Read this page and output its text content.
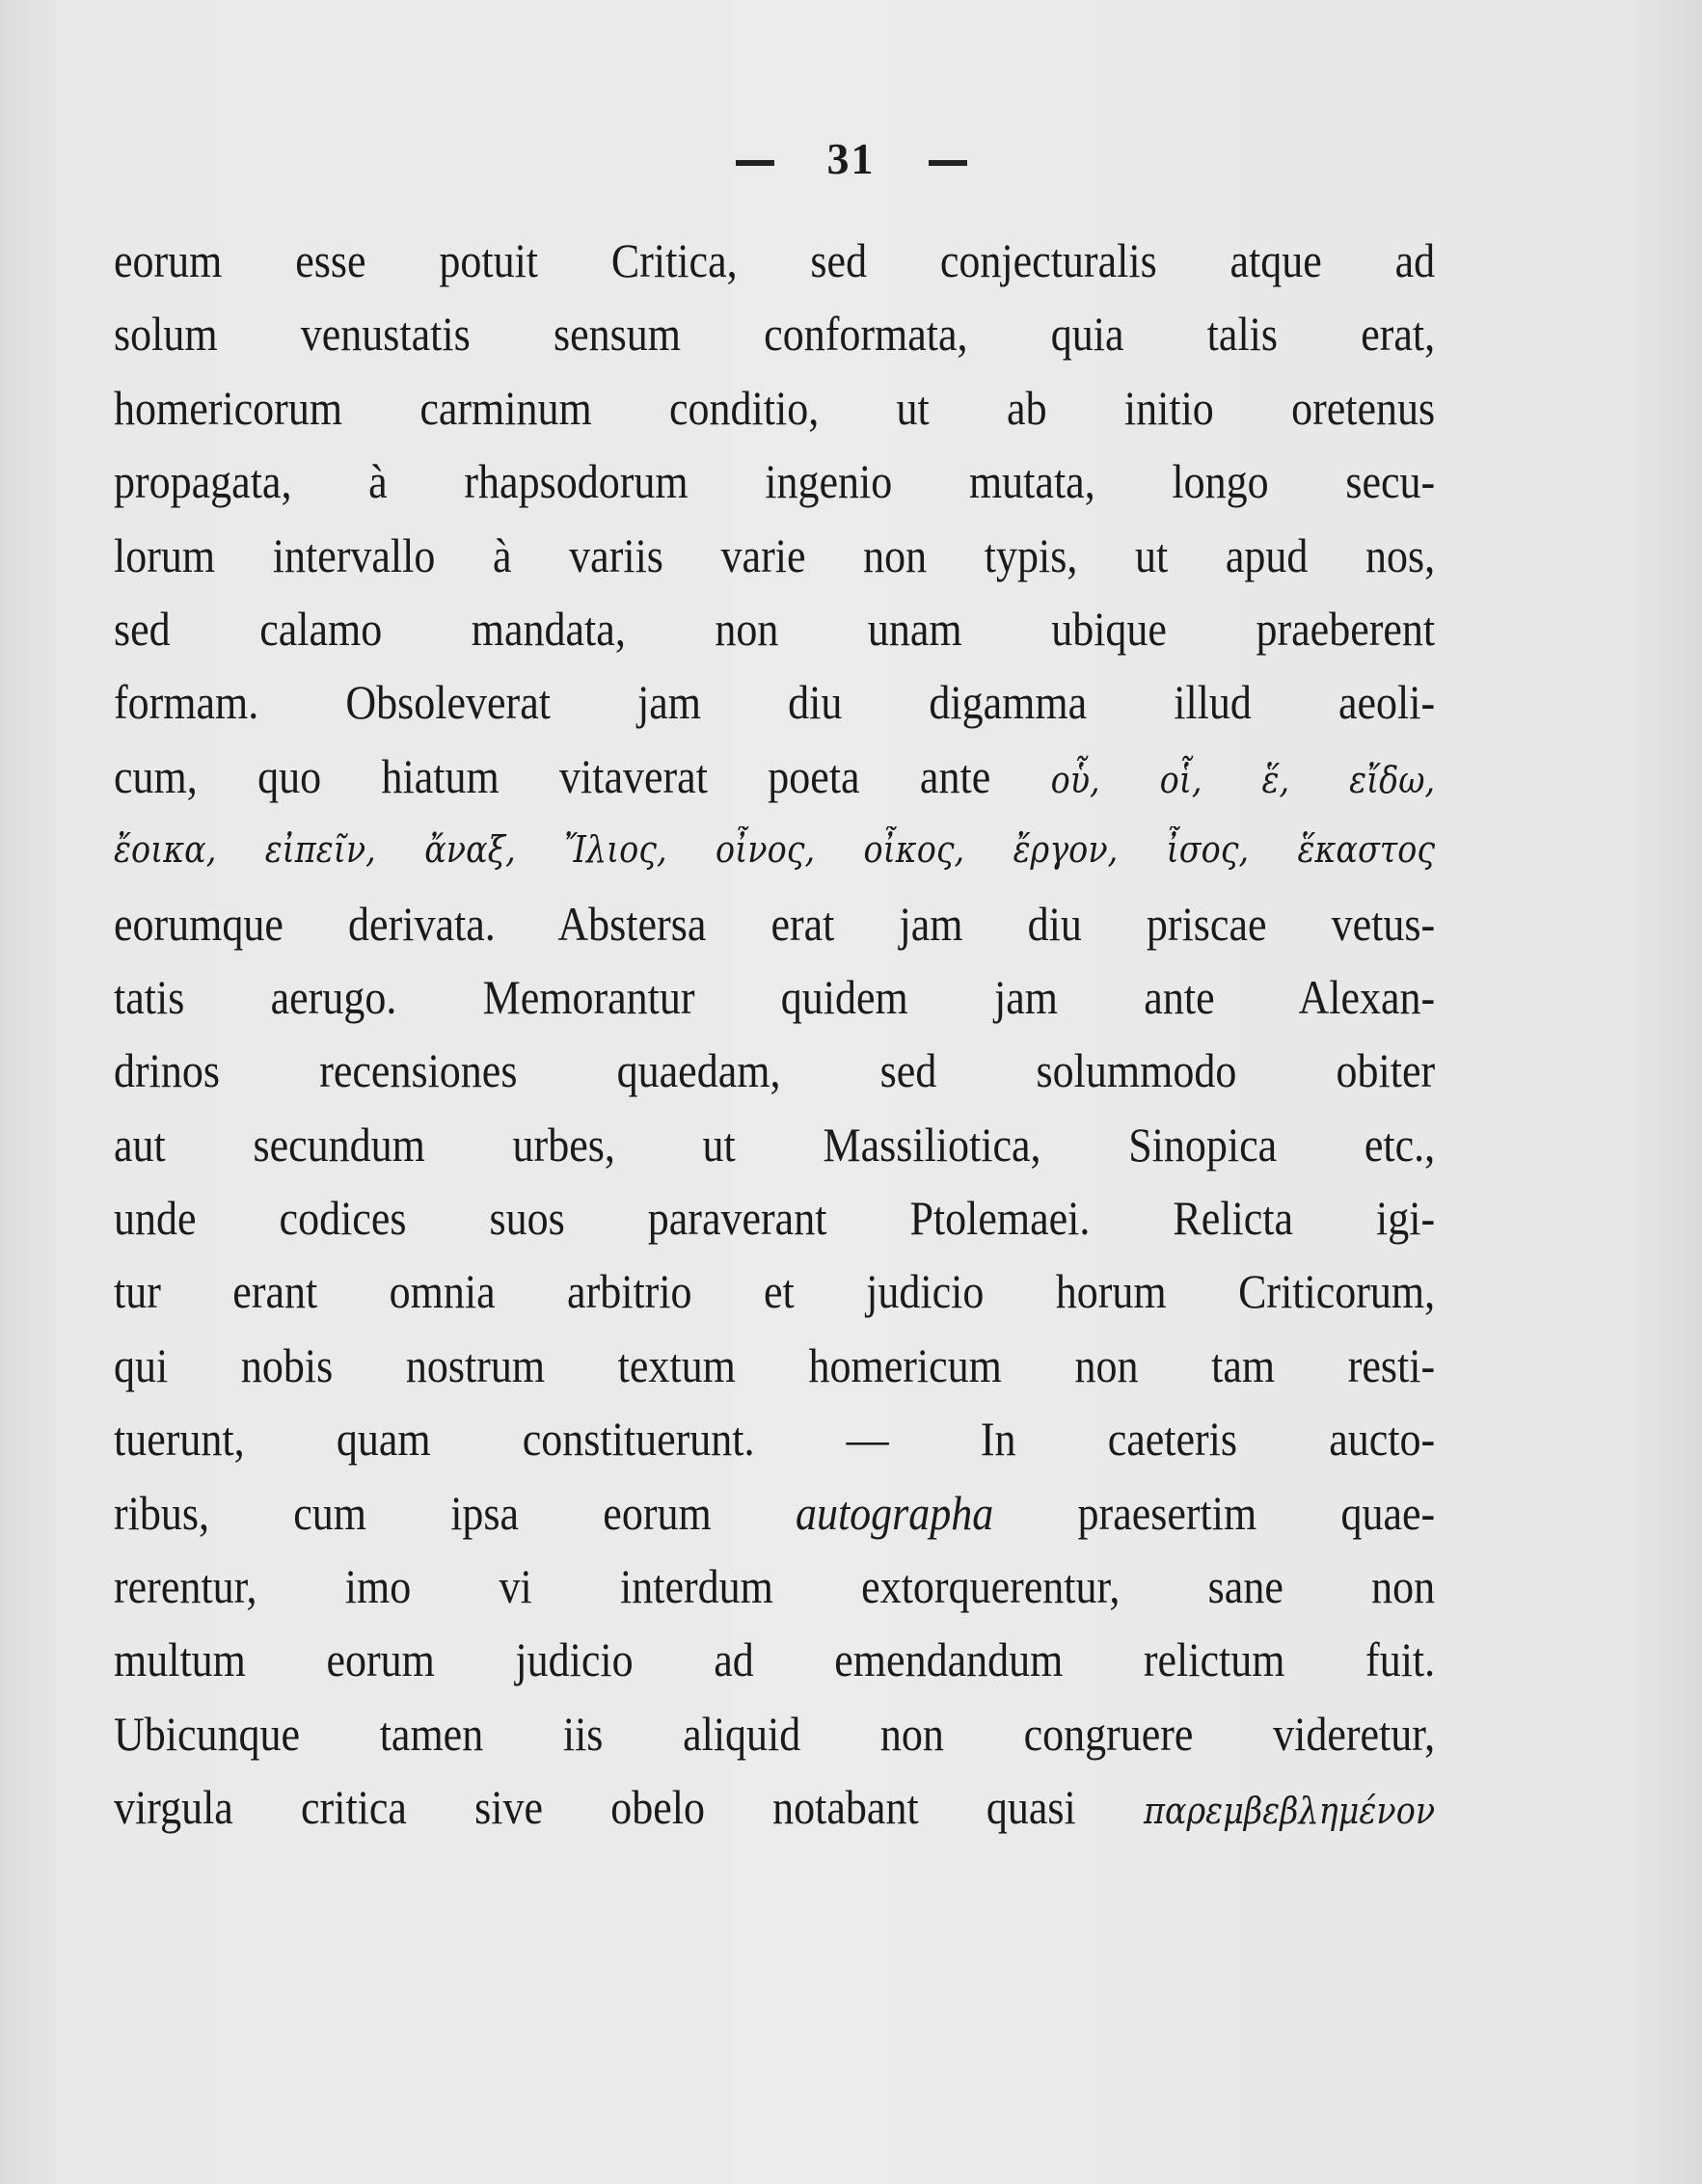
31
eorum esse potuit Critica, sed conjecturalis atque ad
solum venustatis sensum conformata, quia talis erat,
homericorum carminum conditio, ut ab initio oretenus
propagata, à rhapsodorum ingenio mutata, longo secu-
lorum intervallo à variis varie non typis, ut apud nos,
sed calamo mandata, non unam ubique praeberent
formam. Obsoleverat jam diu digamma illud aeoli-
cum, quo hiatum vitaverat poeta ante οὗ, οἷ, ἕ, εἴδω,
ἔοικα, εἰπεῖν, ἄναξ, Ἴλιος, οἶνος, οἶκος, ἔργον, ἶσος, ἕκαστος
eorumque derivata. Abstersa erat jam diu priscae vetus-
tatis aerugo. Memorantur quidem jam ante Alexan-
drinos recensiones quaedam, sed solummodo obiter
aut secundum urbes, ut Massiliotica, Sinopica etc.,
unde codices suos paraverant Ptolemaei. Relicta igi-
tur erant omnia arbitrio et judicio horum Criticorum,
qui nobis nostrum textum homericum non tam resti-
tuerunt, quam constituerunt. — In caeteris aucto-
ribus, cum ipsa eorum autographa praesertim quae-
rerentur, imo vi interdum extorquerentur, sane non
multum eorum judicio ad emendandum relictum fuit.
Ubicunque tamen iis aliquid non congruere videretur,
virgula critica sive obelo notabant quasi παρεμβεβλημένον
